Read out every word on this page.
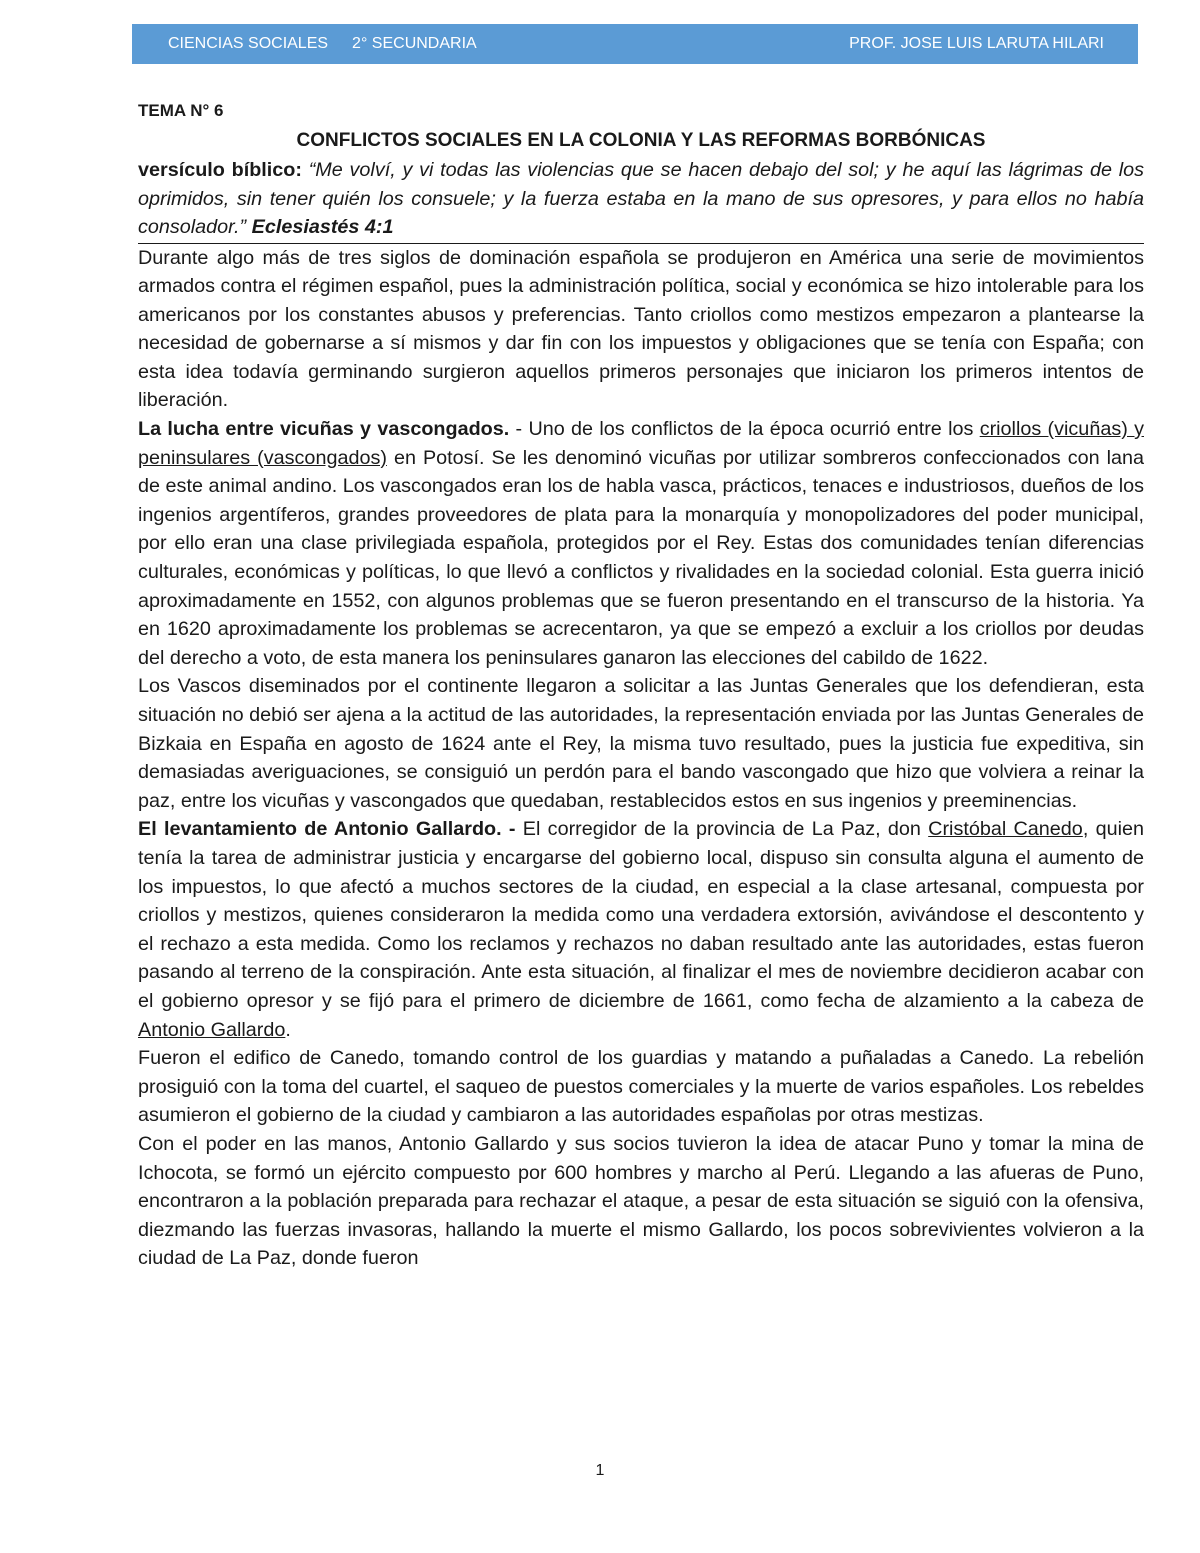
CIENCIAS SOCIALES 2° SECUNDARIA	PROF. JOSE LUIS LARUTA HILARI
TEMA N° 6
CONFLICTOS SOCIALES EN LA COLONIA Y LAS REFORMAS BORBÓNICAS
versículo bíblico: “Me volví, y vi todas las violencias que se hacen debajo del sol; y he aquí las lágrimas de los oprimidos, sin tener quién los consuele; y la fuerza estaba en la mano de sus opresores, y para ellos no había consolador.” Eclesiastés 4:1

Durante algo más de tres siglos de dominación española se produjeron en América una serie de movimientos armados contra el régimen español, pues la administración política, social y económica se hizo intolerable para los americanos por los constantes abusos y preferencias. Tanto criollos como mestizos empezaron a plantearse la necesidad de gobernarse a sí mismos y dar fin con los impuestos y obligaciones que se tenía con España; con esta idea todavía germinando surgieron aquellos primeros personajes que iniciaron los primeros intentos de liberación.

La lucha entre vicuñas y vascongados. - Uno de los conflictos de la época ocurrió entre los criollos (vicuñas) y peninsulares (vascongados) en Potosí. Se les denominó vicuñas por utilizar sombreros confeccionados con lana de este animal andino. Los vascongados eran los de habla vasca, prácticos, tenaces e industriosos, dueños de los ingenios argentíferos, grandes proveedores de plata para la monarquía y monopolizadores del poder municipal, por ello eran una clase privilegiada española, protegidos por el Rey. Estas dos comunidades tenían diferencias culturales, económicas y políticas, lo que llevó a conflictos y rivalidades en la sociedad colonial. Esta guerra inició aproximadamente en 1552, con algunos problemas que se fueron presentando en el transcurso de la historia. Ya en 1620 aproximadamente los problemas se acrecentaron, ya que se empezó a excluir a los criollos por deudas del derecho a voto, de esta manera los peninsulares ganaron las elecciones del cabildo de 1622.

Los Vascos diseminados por el continente llegaron a solicitar a las Juntas Generales que los defendieran, esta situación no debió ser ajena a la actitud de las autoridades, la representación enviada por las Juntas Generales de Bizkaia en España en agosto de 1624 ante el Rey, la misma tuvo resultado, pues la justicia fue expeditiva, sin demasiadas averiguaciones, se consiguió un perdón para el bando vascongado que hizo que volviera a reinar la paz, entre los vicuñas y vascongados que quedaban, restablecidos estos en sus ingenios y preeminencias.

El levantamiento de Antonio Gallardo. - El corregidor de la provincia de La Paz, don Cristóbal Canedo, quien tenía la tarea de administrar justicia y encargarse del gobierno local, dispuso sin consulta alguna el aumento de los impuestos, lo que afectó a muchos sectores de la ciudad, en especial a la clase artesanal, compuesta por criollos y mestizos, quienes consideraron la medida como una verdadera extorsión, avivándose el descontento y el rechazo a esta medida. Como los reclamos y rechazos no daban resultado ante las autoridades, estas fueron pasando al terreno de la conspiración. Ante esta situación, al finalizar el mes de noviembre decidieron acabar con el gobierno opresor y se fijó para el primero de diciembre de 1661, como fecha de alzamiento a la cabeza de Antonio Gallardo.

Fueron el edifico de Canedo, tomando control de los guardias y matando a puñaladas a Canedo. La rebelión prosiguió con la toma del cuartel, el saqueo de puestos comerciales y la muerte de varios españoles. Los rebeldes asumieron el gobierno de la ciudad y cambiaron a las autoridades españolas por otras mestizas.

Con el poder en las manos, Antonio Gallardo y sus socios tuvieron la idea de atacar Puno y tomar la mina de Ichocota, se formó un ejército compuesto por 600 hombres y marcho al Perú. Llegando a las afueras de Puno, encontraron a la población preparada para rechazar el ataque, a pesar de esta situación se siguió con la ofensiva, diezmando las fuerzas invasoras, hallando la muerte el mismo Gallardo, los pocos sobrevivientes volvieron a la ciudad de La Paz, donde fueron

1
